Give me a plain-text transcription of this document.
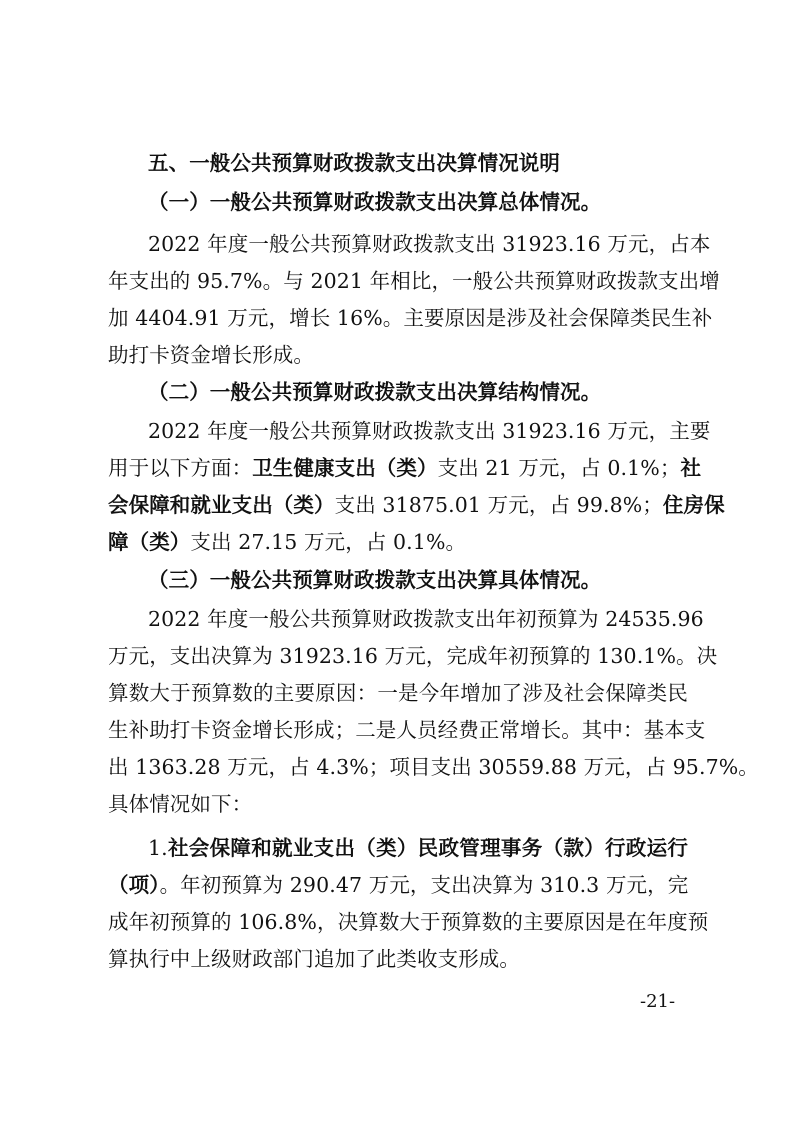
五、一般公共预算财政拨款支出决算情况说明
（一）一般公共预算财政拨款支出决算总体情况。
2022 年度一般公共预算财政拨款支出 31923.16 万元，占本
年支出的 95.7%。与 2021 年相比，一般公共预算财政拨款支出增
加 4404.91 万元，增长 16%。主要原因是涉及社会保障类民生补
助打卡资金增长形成。
（二）一般公共预算财政拨款支出决算结构情况。
2022 年度一般公共预算财政拨款支出 31923.16 万元，主要
用于以下方面：卫生健康支出（类）支出 21 万元，占 0.1%；社
会保障和就业支出（类）支出 31875.01 万元，占 99.8%；住房保
障（类）支出 27.15 万元，占 0.1%。
（三）一般公共预算财政拨款支出决算具体情况。
2022 年度一般公共预算财政拨款支出年初预算为 24535.96
万元，支出决算为 31923.16 万元，完成年初预算的 130.1%。决
算数大于预算数的主要原因：一是今年增加了涉及社会保障类民
生补助打卡资金增长形成；二是人员经费正常增长。其中：基本支
出 1363.28 万元，占 4.3%；项目支出 30559.88 万元，占 95.7%。
具体情况如下：
1.社会保障和就业支出（类）民政管理事务（款）行政运行
（项）。年初预算为 290.47 万元，支出决算为 310.3 万元，完
成年初预算的 106.8%，决算数大于预算数的主要原因是在年度预
算执行中上级财政部门追加了此类收支形成。
-21-
